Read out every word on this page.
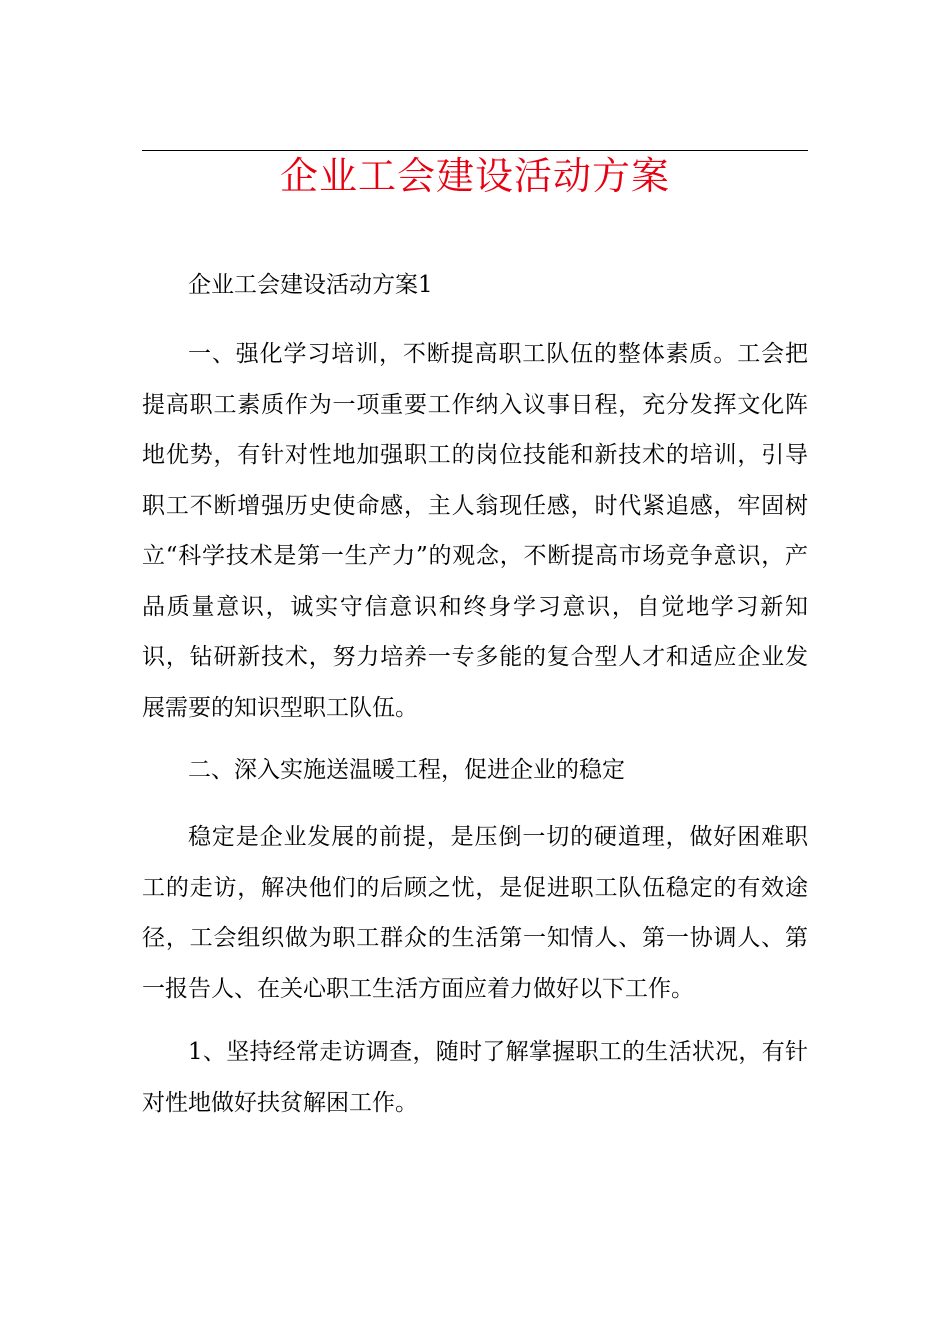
企业工会建设活动方案
企业工会建设活动方案1
一、强化学习培训，不断提高职工队伍的整体素质。工会把提高职工素质作为一项重要工作纳入议事日程，充分发挥文化阵地优势，有针对性地加强职工的岗位技能和新技术的培训，引导职工不断增强历史使命感，主人翁现任感，时代紧追感，牢固树立“科学技术是第一生产力”的观念，不断提高市场竞争意识，产品质量意识，诚实守信意识和终身学习意识，自觉地学习新知识，钻研新技术，努力培养一专多能的复合型人才和适应企业发展需要的知识型职工队伍。
二、深入实施送温暖工程，促进企业的稳定
稳定是企业发展的前提，是压倒一切的硬道理，做好困难职工的走访，解决他们的后顾之忧，是促进职工队伍稳定的有效途径，工会组织做为职工群众的生活第一知情人、第一协调人、第一报告人、在关心职工生活方面应着力做好以下工作。
1、坚持经常走访调查，随时了解掌握职工的生活状况，有针对性地做好扶贫解困工作。
